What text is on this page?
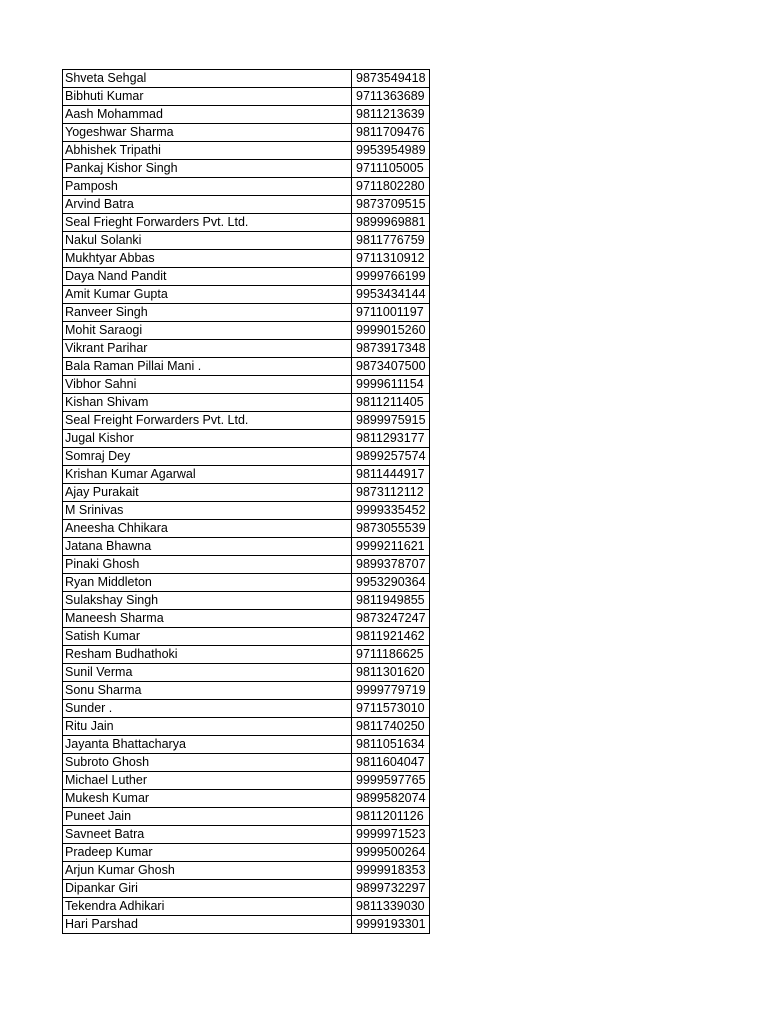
Shveta Sehgal	9873549418
Bibhuti Kumar	9711363689
Aash Mohammad	9811213639
Yogeshwar Sharma	9811709476
Abhishek Tripathi	9953954989
Pankaj Kishor Singh	9711105005
Pamposh	9711802280
Arvind Batra	9873709515
Seal Frieght Forwarders Pvt. Ltd.	9899969881
Nakul Solanki	9811776759
Mukhtyar Abbas	9711310912
Daya Nand Pandit	9999766199
Amit Kumar Gupta	9953434144
Ranveer Singh	9711001197
Mohit Saraogi	9999015260
Vikrant Parihar	9873917348
Bala Raman Pillai Mani .	9873407500
Vibhor Sahni	9999611154
Kishan Shivam	9811211405
Seal Freight Forwarders Pvt. Ltd.	9899975915
Jugal Kishor	9811293177
Somraj Dey	9899257574
Krishan Kumar Agarwal	9811444917
Ajay Purakait	9873112112
M Srinivas	9999335452
Aneesha Chhikara	9873055539
Jatana Bhawna	9999211621
Pinaki Ghosh	9899378707
Ryan Middleton	9953290364
Sulakshay Singh	9811949855
Maneesh Sharma	9873247247
Satish Kumar	9811921462
Resham Budhathoki	9711186625
Sunil Verma	9811301620
Sonu Sharma	9999779719
Sunder .	9711573010
Ritu Jain	9811740250
Jayanta Bhattacharya	9811051634
Subroto Ghosh	9811604047
Michael Luther	9999597765
Mukesh Kumar	9899582074
Puneet Jain	9811201126
Savneet Batra	9999971523
Pradeep Kumar	9999500264
Arjun Kumar Ghosh	9999918353
Dipankar Giri	9899732297
Tekendra Adhikari	9811339030
Hari Parshad	9999193301
